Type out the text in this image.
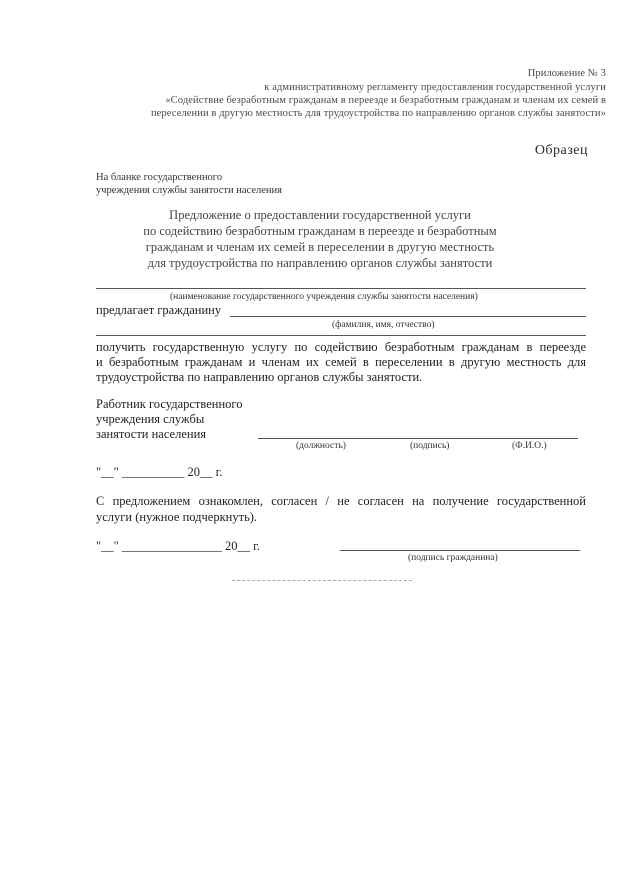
Приложение № 3
к административному регламенту предоставления государственной услуги
«Содействие безработным гражданам в переезде и безработным гражданам и членам их семей в
переселении в другую местность для трудоустройства по направлению органов службы занятости»
Образец
На бланке государственного
учреждения службы занятости населения
Предложение о предоставлении государственной услуги
по содействию безработным гражданам в переезде и безработным
гражданам и членам их семей в переселении в другую местность
для трудоустройства по направлению органов службы занятости
(наименование государственного учреждения службы занятости населения)
предлагает гражданину
(фамилия, имя, отчество)
получить государственную услугу по содействию безработным гражданам в переезде
и безработным гражданам и членам их семей в переселении в другую местность для
трудоустройства по направлению органов службы занятости.
Работник государственного
учреждения службы
занятости населения
(должность)	(подпись)	(Ф.И.О.)
"__" __________ 20__ г.
С предложением ознакомлен, согласен / не согласен на получение государственной
услуги (нужное подчеркнуть).
"__" ________________ 20__ г.
(подпись гражданина)
